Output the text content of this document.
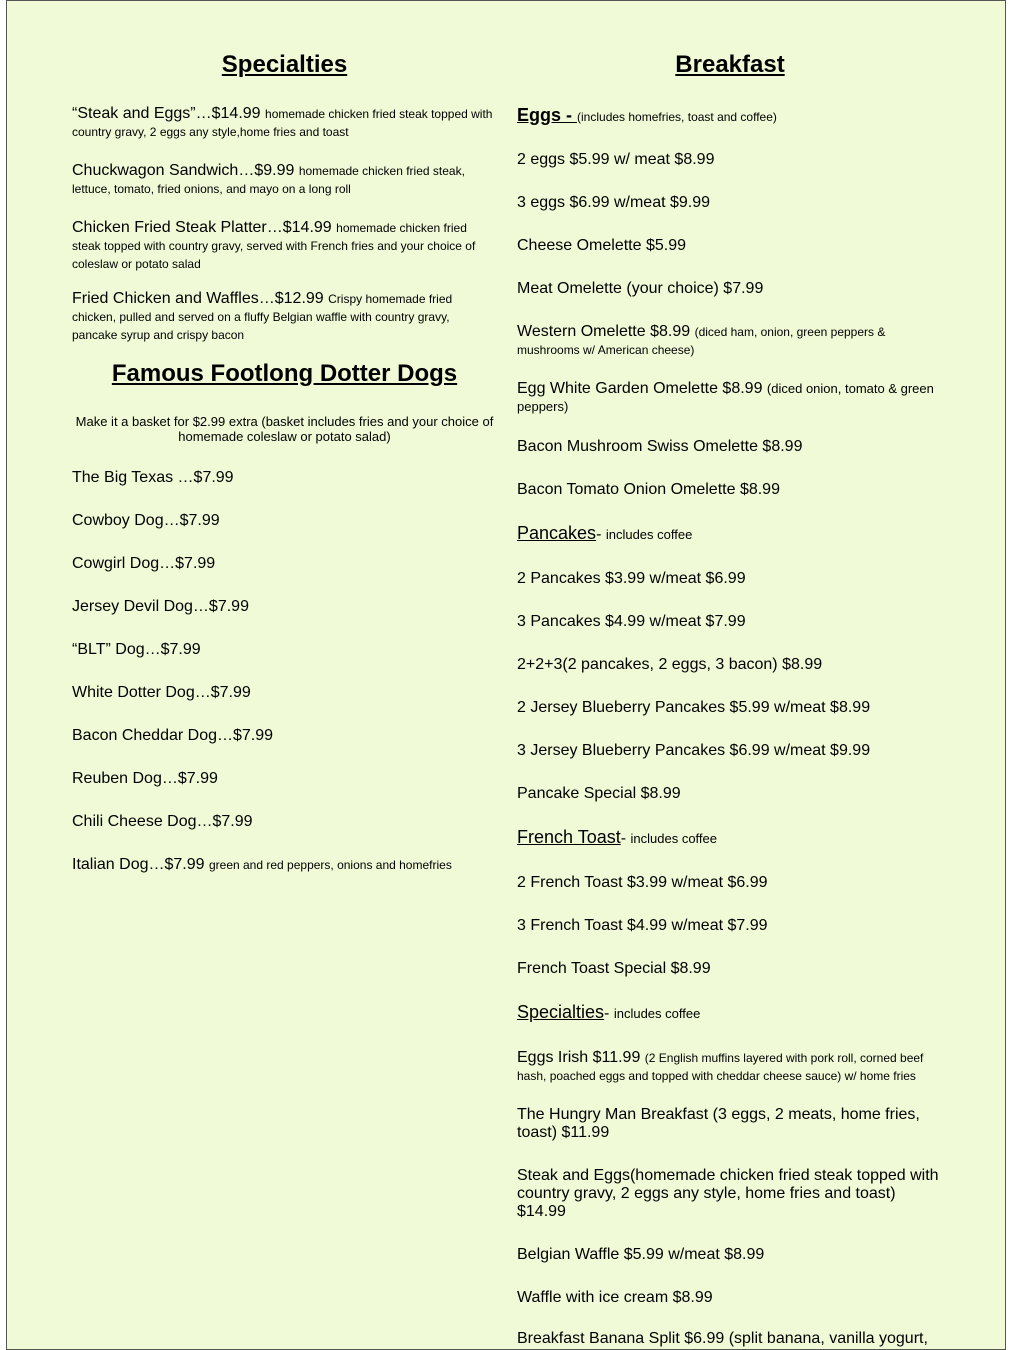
Specialties
“Steak and Eggs”…$14.99 homemade chicken fried steak topped with country gravy, 2 eggs any style,home fries and toast
Chuckwagon Sandwich…$9.99 homemade chicken fried steak, lettuce, tomato, fried onions, and mayo on a long roll
Chicken Fried Steak Platter…$14.99 homemade chicken fried steak topped with country gravy, served with French fries and your choice of coleslaw or potato salad
Fried Chicken and Waffles…$12.99 Crispy homemade fried chicken, pulled and served on a fluffy Belgian waffle with country gravy, pancake syrup and crispy bacon
Famous Footlong Dotter Dogs
Make it a basket for $2.99 extra (basket includes fries and your choice of homemade coleslaw or potato salad)
The Big Texas …$7.99
Cowboy Dog…$7.99
Cowgirl Dog…$7.99
Jersey Devil Dog…$7.99
“BLT” Dog…$7.99
White Dotter Dog…$7.99
Bacon Cheddar Dog…$7.99
Reuben Dog…$7.99
Chili Cheese Dog…$7.99
Italian Dog…$7.99 green and red peppers, onions and homefries
Breakfast
Eggs - (includes homefries, toast and coffee)
2 eggs $5.99 w/ meat $8.99
3 eggs $6.99 w/meat $9.99
Cheese Omelette $5.99
Meat Omelette (your choice) $7.99
Western Omelette $8.99 (diced ham, onion, green peppers & mushrooms w/ American cheese)
Egg White Garden Omelette $8.99 (diced onion, tomato & green peppers)
Bacon Mushroom Swiss Omelette $8.99
Bacon Tomato Onion Omelette $8.99
Pancakes- includes coffee
2 Pancakes $3.99 w/meat $6.99
3 Pancakes $4.99 w/meat $7.99
2+2+3(2 pancakes, 2 eggs, 3 bacon) $8.99
2 Jersey Blueberry Pancakes $5.99 w/meat $8.99
3 Jersey Blueberry Pancakes $6.99 w/meat $9.99
Pancake Special $8.99
French Toast- includes coffee
2 French Toast $3.99 w/meat $6.99
3 French Toast $4.99 w/meat $7.99
French Toast Special $8.99
Specialties- includes coffee
Eggs Irish $11.99 (2 English muffins layered with pork roll, corned beef hash, poached eggs and topped with cheddar cheese sauce) w/ home fries
The Hungry Man Breakfast (3 eggs, 2 meats, home fries, toast) $11.99
Steak and Eggs(homemade chicken fried steak topped with country gravy, 2 eggs any style, home fries and toast) $14.99
Belgian Waffle $5.99 w/meat $8.99
Waffle with ice cream $8.99
Breakfast Banana Split $6.99 (split banana, vanilla yogurt,
